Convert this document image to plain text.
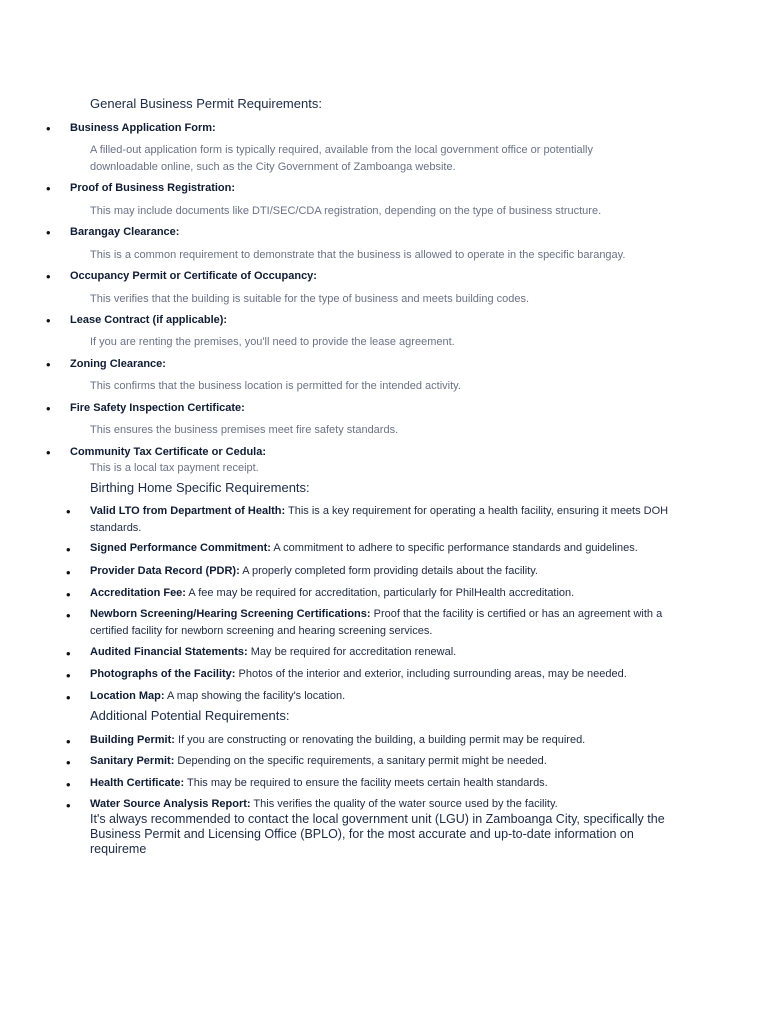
General Business Permit Requirements:
• Business Application Form:
A filled-out application form is typically required, available from the local government office or potentially downloadable online, such as the City Government of Zamboanga website.
• Proof of Business Registration:
This may include documents like DTI/SEC/CDA registration, depending on the type of business structure.
• Barangay Clearance:
This is a common requirement to demonstrate that the business is allowed to operate in the specific barangay.
• Occupancy Permit or Certificate of Occupancy:
This verifies that the building is suitable for the type of business and meets building codes.
• Lease Contract (if applicable):
If you are renting the premises, you'll need to provide the lease agreement.
• Zoning Clearance:
This confirms that the business location is permitted for the intended activity.
• Fire Safety Inspection Certificate:
This ensures the business premises meet fire safety standards.
• Community Tax Certificate or Cedula:
This is a local tax payment receipt.
Birthing Home Specific Requirements:
• Valid LTO from Department of Health: This is a key requirement for operating a health facility, ensuring it meets DOH standards.
• Signed Performance Commitment: A commitment to adhere to specific performance standards and guidelines.
• Provider Data Record (PDR): A properly completed form providing details about the facility.
• Accreditation Fee: A fee may be required for accreditation, particularly for PhilHealth accreditation.
• Newborn Screening/Hearing Screening Certifications: Proof that the facility is certified or has an agreement with a certified facility for newborn screening and hearing screening services.
• Audited Financial Statements: May be required for accreditation renewal.
• Photographs of the Facility: Photos of the interior and exterior, including surrounding areas, may be needed.
• Location Map: A map showing the facility's location.
Additional Potential Requirements:
• Building Permit: If you are constructing or renovating the building, a building permit may be required.
• Sanitary Permit: Depending on the specific requirements, a sanitary permit might be needed.
• Health Certificate: This may be required to ensure the facility meets certain health standards.
• Water Source Analysis Report: This verifies the quality of the water source used by the facility.
It's always recommended to contact the local government unit (LGU) in Zamboanga City, specifically the Business Permit and Licensing Office (BPLO), for the most accurate and up-to-date information on requireme
